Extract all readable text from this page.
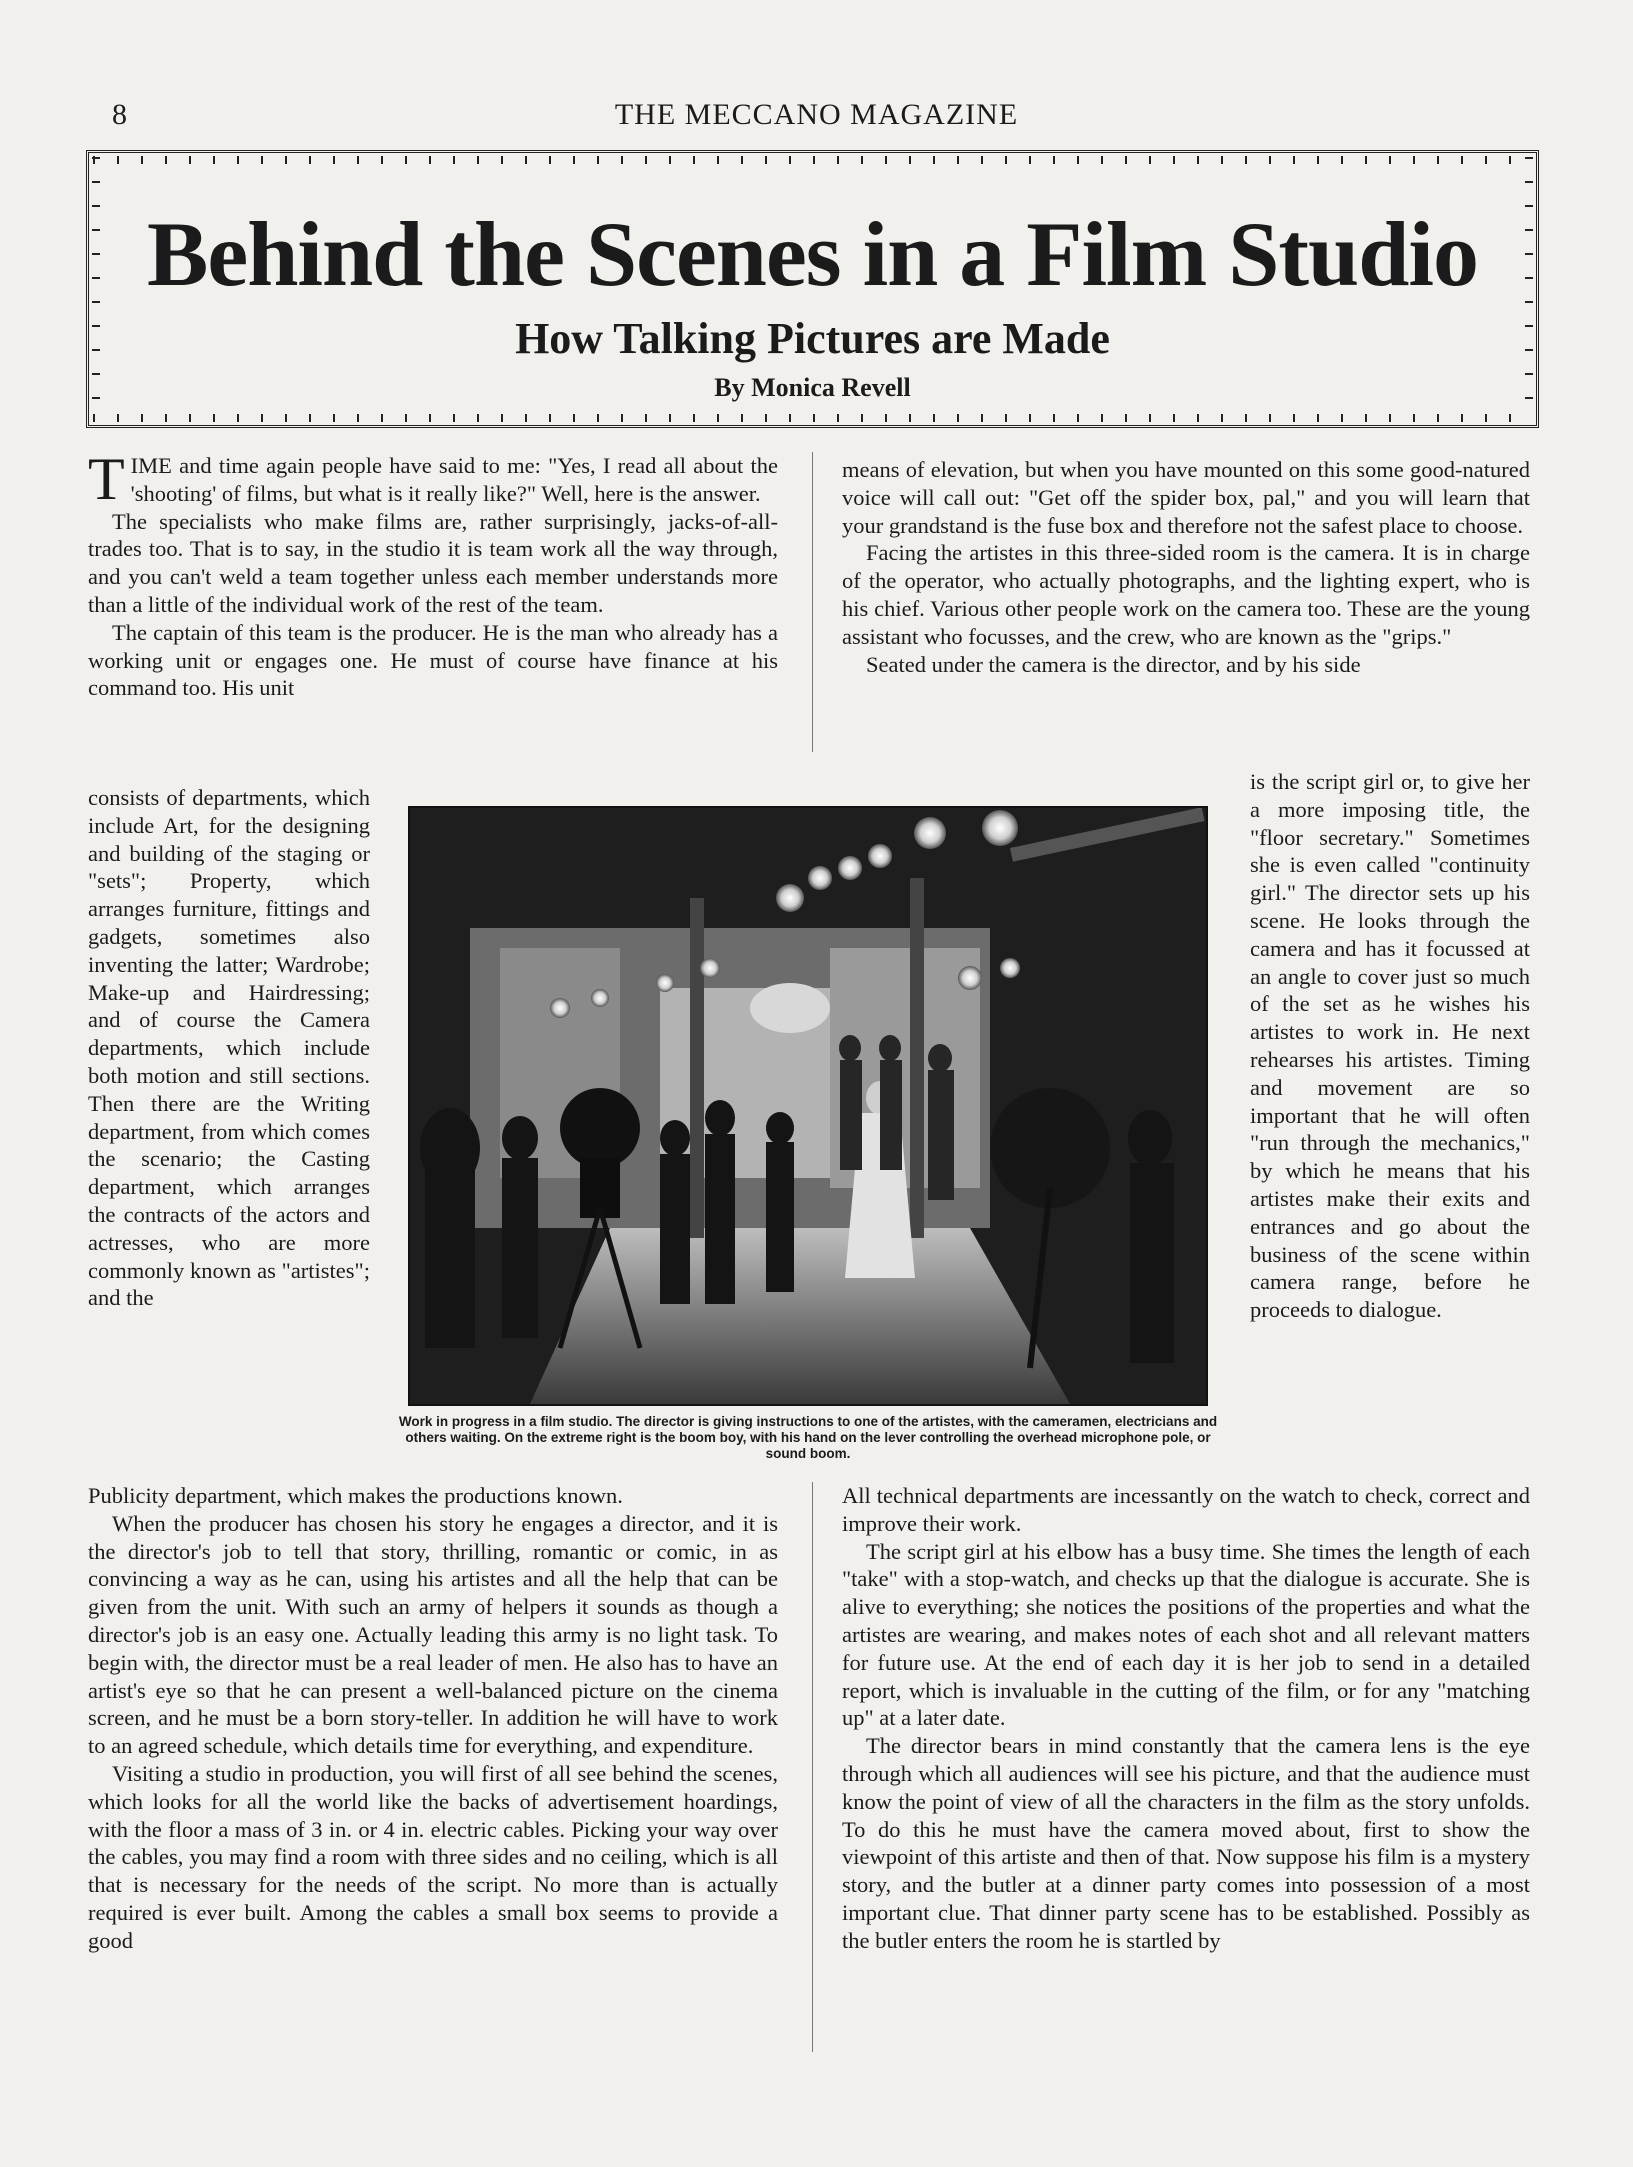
8	THE MECCANO MAGAZINE
Behind the Scenes in a Film Studio
How Talking Pictures are Made
By Monica Revell

TIME and time again people have said to me: "Yes, I read all about the 'shooting' of films, but what is it really like?" Well, here is the answer.

The specialists who make films are, rather surprisingly, jacks-of-all-trades too. That is to say, in the studio it is team work all the way through, and you can't weld a team together unless each member understands more than a little of the individual work of the rest of the team.

The captain of this team is the producer. He is the man who already has a working unit or engages one. He must of course have finance at his command too. His unit

consists of departments, which include Art, for the designing and building of the staging or "sets"; Property, which arranges furniture, fittings and gadgets, sometimes also inventing the latter; Wardrobe; Make-up and Hairdressing; and of course the Camera departments, which include both motion and still sections. Then there are the Writing department, from which comes the scenario; the Casting department, which arranges the contracts of the actors and actresses, who are more commonly known as "artistes"; and the

Work in progress in a film studio. The director is giving instructions to one of the artistes, with the cameramen, electricians and others waiting. On the extreme right is the boom boy, with his hand on the lever controlling the overhead microphone pole, or sound boom.

Publicity department, which makes the productions known.

When the producer has chosen his story he engages a director, and it is the director's job to tell that story, thrilling, romantic or comic, in as convincing a way as he can, using his artistes and all the help that can be given from the unit. With such an army of helpers it sounds as though a director's job is an easy one. Actually leading this army is no light task. To begin with, the director must be a real leader of men. He also has to have an artist's eye so that he can present a well-balanced picture on the cinema screen, and he must be a born story-teller. In addition he will have to work to an agreed schedule, which details time for everything, and expenditure.

Visiting a studio in production, you will first of all see behind the scenes, which looks for all the world like the backs of advertisement hoardings, with the floor a mass of 3 in. or 4 in. electric cables. Picking your way over the cables, you may find a room with three sides and no ceiling, which is all that is necessary for the needs of the script. No more than is actually required is ever built. Among the cables a small box seems to provide a good

means of elevation, but when you have mounted on this some good-natured voice will call out: "Get off the spider box, pal," and you will learn that your grandstand is the fuse box and therefore not the safest place to choose.

Facing the artistes in this three-sided room is the camera. It is in charge of the operator, who actually photographs, and the lighting expert, who is his chief. Various other people work on the camera too. These are the young assistant who focusses, and the crew, who are known as the "grips."

Seated under the camera is the director, and by his side

is the script girl or, to give her a more imposing title, the "floor secretary." Sometimes she is even called "continuity girl." The director sets up his scene. He looks through the camera and has it focussed at an angle to cover just so much of the set as he wishes his artistes to work in. He next rehearses his artistes. Timing and movement are so important that he will often "run through the mechanics," by which he means that his artistes make their exits and entrances and go about the business of the scene within camera range, before he proceeds to dialogue.

All technical departments are incessantly on the watch to check, correct and improve their work.

The script girl at his elbow has a busy time. She times the length of each "take" with a stop-watch, and checks up that the dialogue is accurate. She is alive to everything; she notices the positions of the properties and what the artistes are wearing, and makes notes of each shot and all relevant matters for future use. At the end of each day it is her job to send in a detailed report, which is invaluable in the cutting of the film, or for any "matching up" at a later date.

The director bears in mind constantly that the camera lens is the eye through which all audiences will see his picture, and that the audience must know the point of view of all the characters in the film as the story unfolds. To do this he must have the camera moved about, first to show the viewpoint of this artiste and then of that. Now suppose his film is a mystery story, and the butler at a dinner party comes into possession of a most important clue. That dinner party scene has to be established. Possibly as the butler enters the room he is startled by
